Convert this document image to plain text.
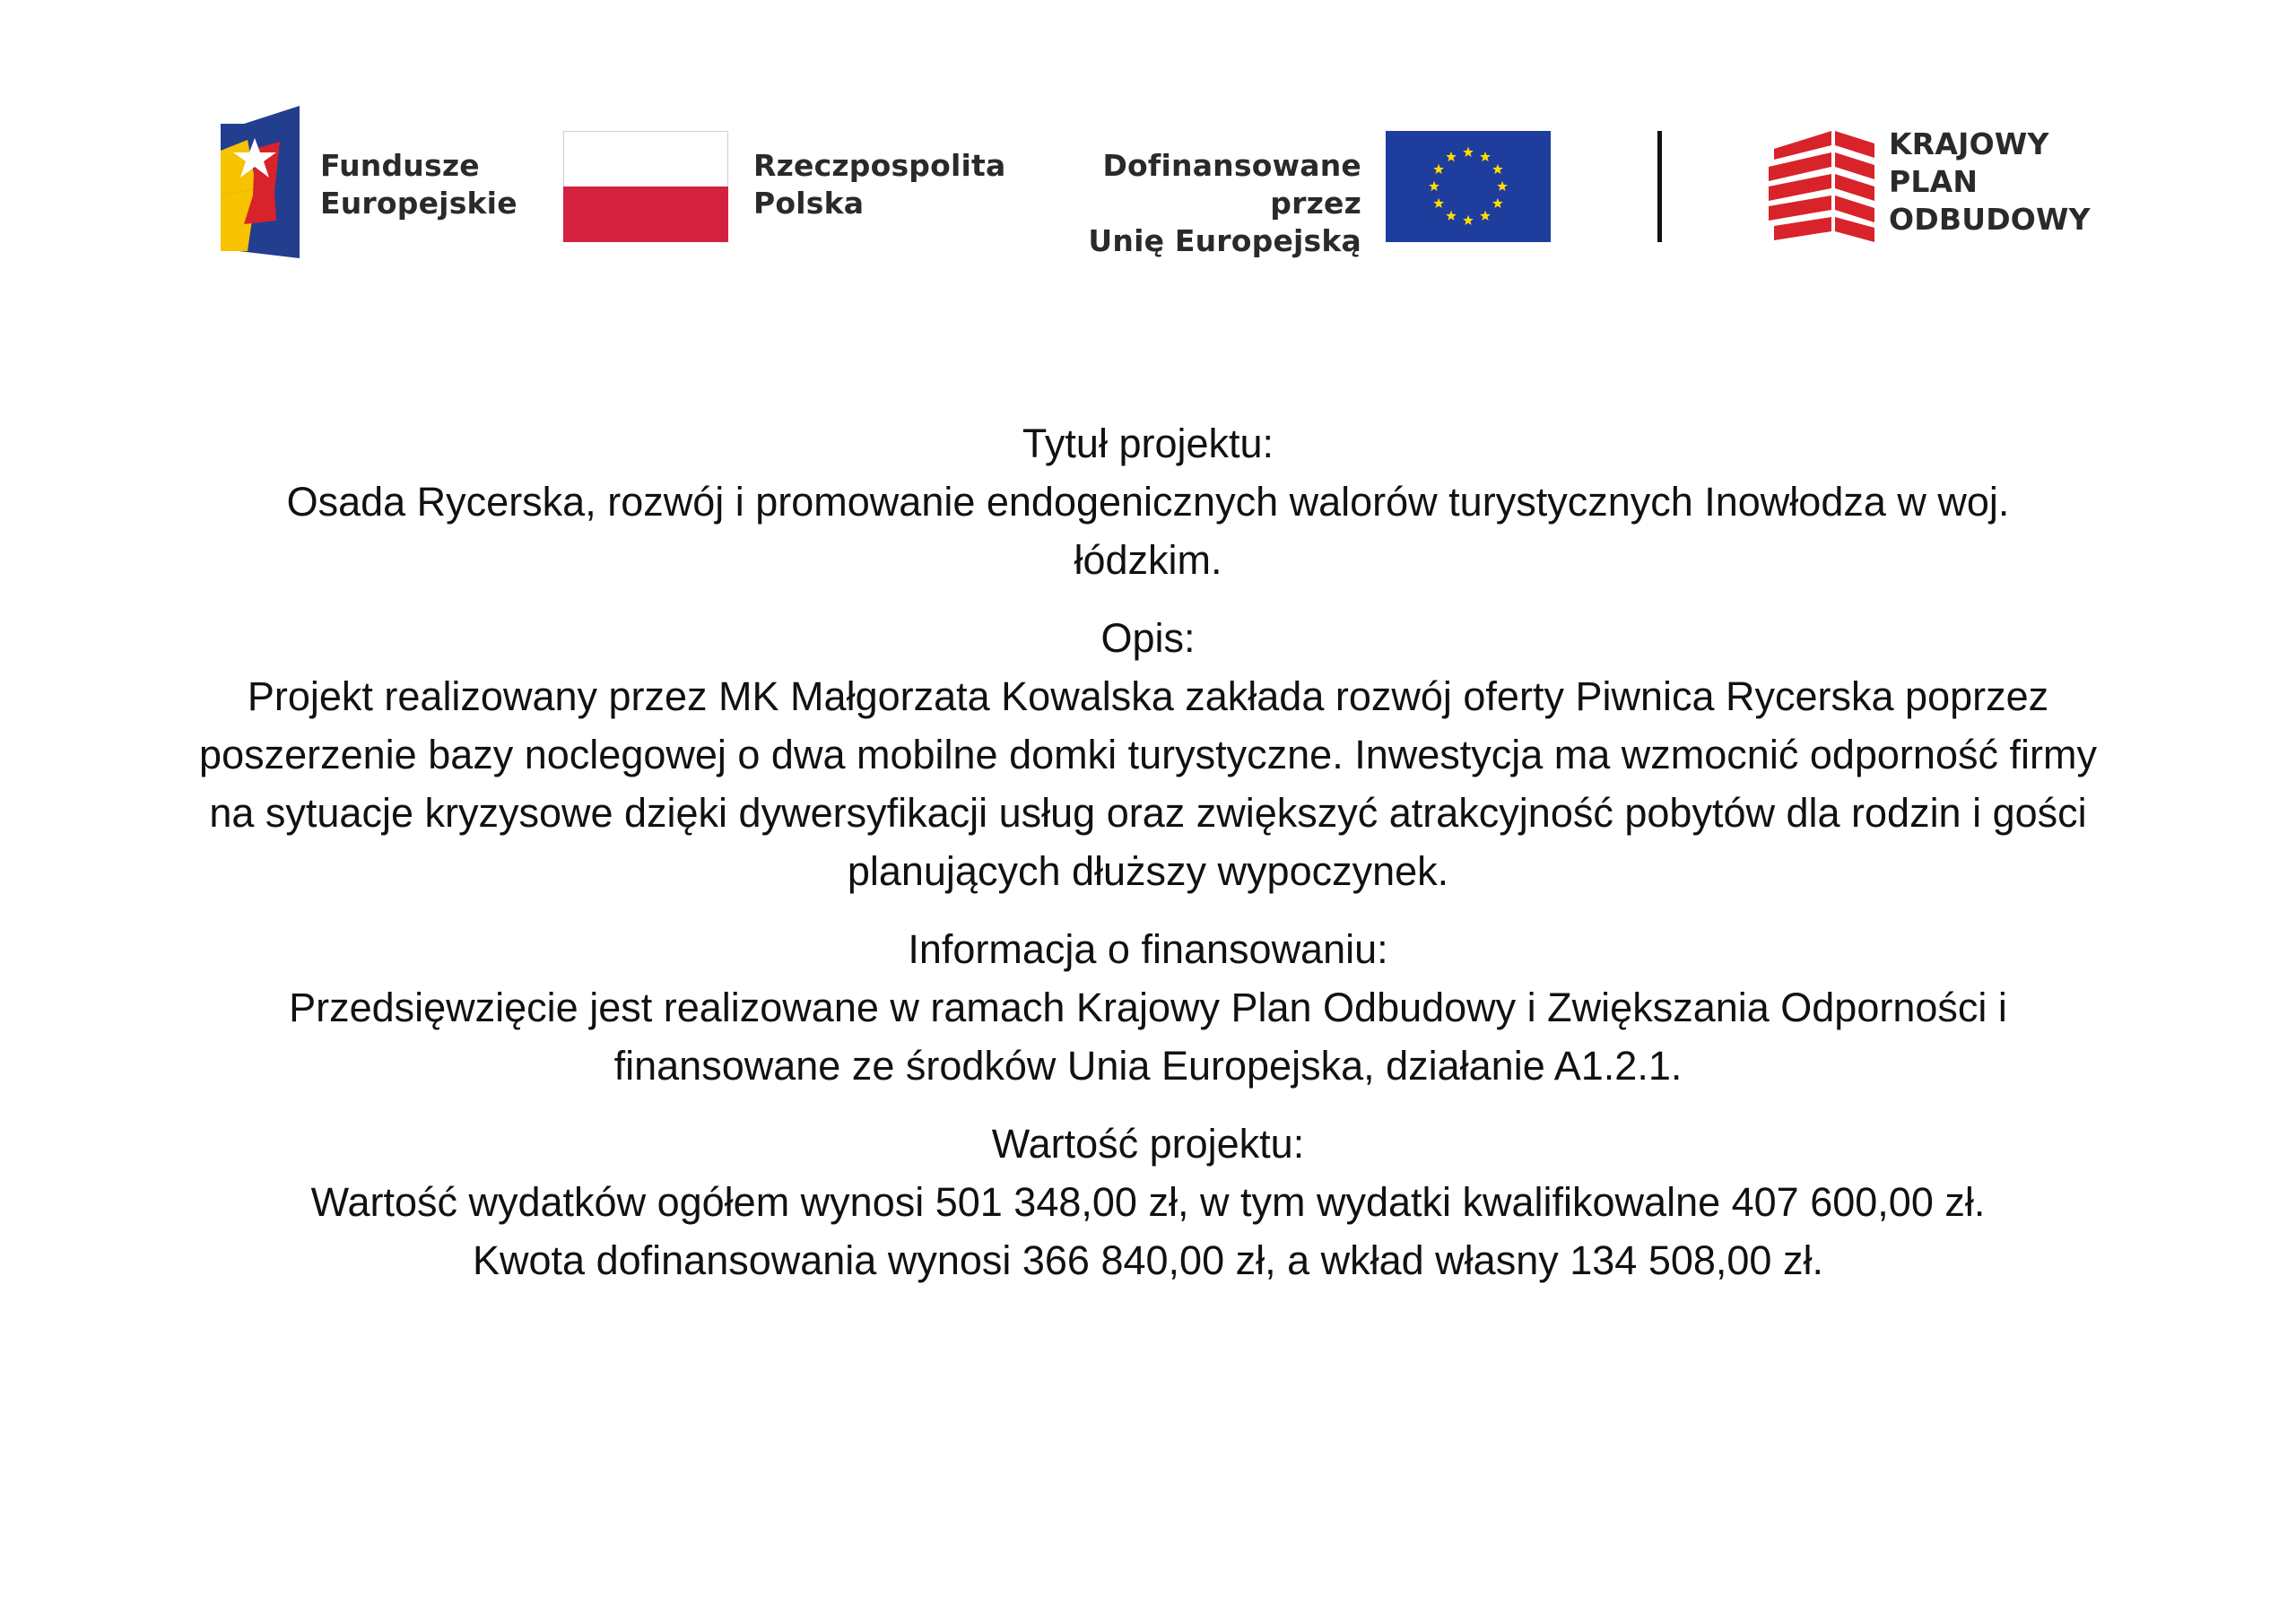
Fundusze
Europejskie
Rzeczpospolita
Polska
Dofinansowane przez
Unię Europejską
KRAJOWY
PLAN
ODBUDOWY

Tytuł projektu:

Osada Rycerska, rozwój i promowanie endogenicznych walorów turystycznych Inowłodza w woj. łódzkim.

Opis:

Projekt realizowany przez MK Małgorzata Kowalska zakłada rozwój oferty Piwnica Rycerska poprzez poszerzenie bazy noclegowej o dwa mobilne domki turystyczne. Inwestycja ma wzmocnić odporność firmy na sytuacje kryzysowe dzięki dywersyfikacji usług oraz zwiększyć atrakcyjność pobytów dla rodzin i gości planujących dłuższy wypoczynek.

Informacja o finansowaniu:

Przedsięwzięcie jest realizowane w ramach Krajowy Plan Odbudowy i Zwiększania Odporności i finansowane ze środków Unia Europejska, działanie A1.2.1.

Wartość projektu:

Wartość wydatków ogółem wynosi 501 348,00 zł, w tym wydatki kwalifikowalne 407 600,00 zł.

Kwota dofinansowania wynosi 366 840,00 zł, a wkład własny 134 508,00 zł.
